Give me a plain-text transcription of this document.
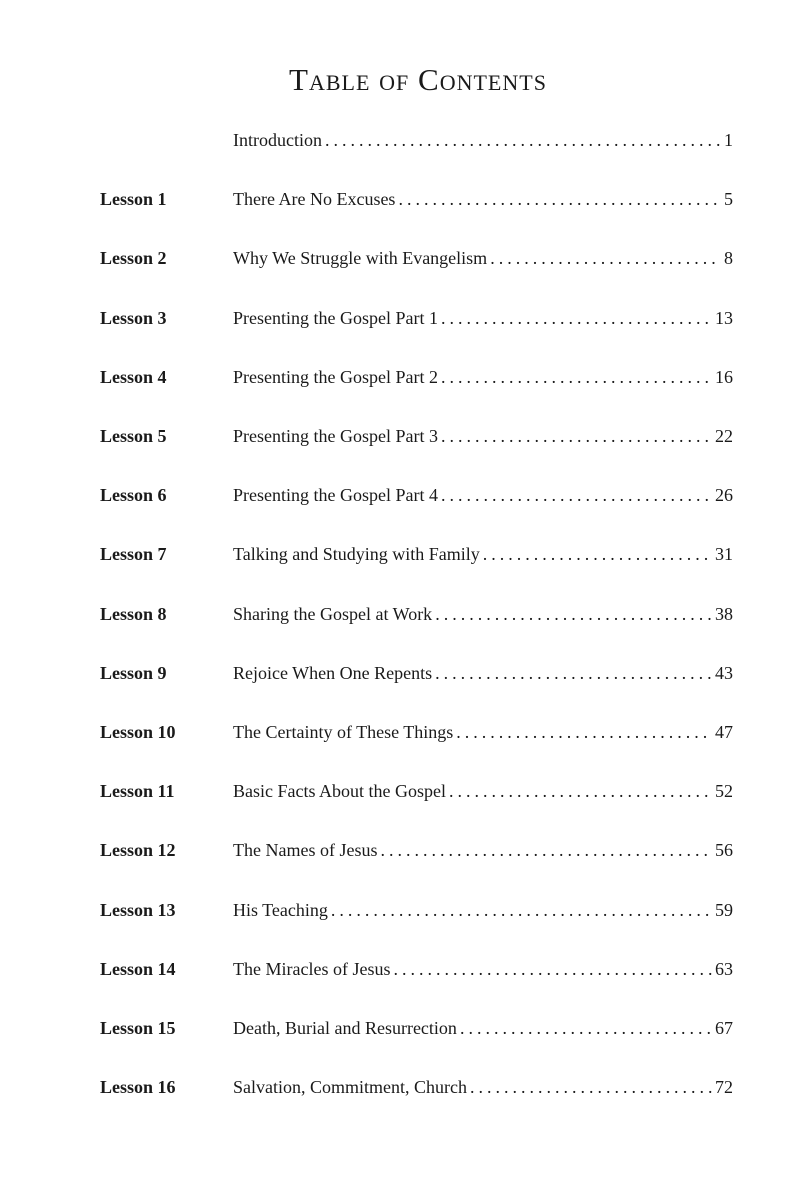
Table of Contents
Introduction . . .	1
Lesson 1	There Are No Excuses . . .	5
Lesson 2	Why We Struggle with Evangelism . . .	8
Lesson 3	Presenting the Gospel Part 1 . . .	13
Lesson 4	Presenting the Gospel Part 2 . . .	16
Lesson 5	Presenting the Gospel Part 3 . . .	22
Lesson 6	Presenting the Gospel Part 4 . . .	26
Lesson 7	Talking and Studying with Family . . .	31
Lesson 8	Sharing the Gospel at Work . . .	38
Lesson 9	Rejoice When One Repents . . .	43
Lesson 10	The Certainty of These Things . . .	47
Lesson 11	Basic Facts About the Gospel . . .	52
Lesson 12	The Names of Jesus . . .	56
Lesson 13	His Teaching . . .	59
Lesson 14	The Miracles of Jesus . . .	63
Lesson 15	Death, Burial and Resurrection . . .	67
Lesson 16	Salvation, Commitment, Church . . .	72
